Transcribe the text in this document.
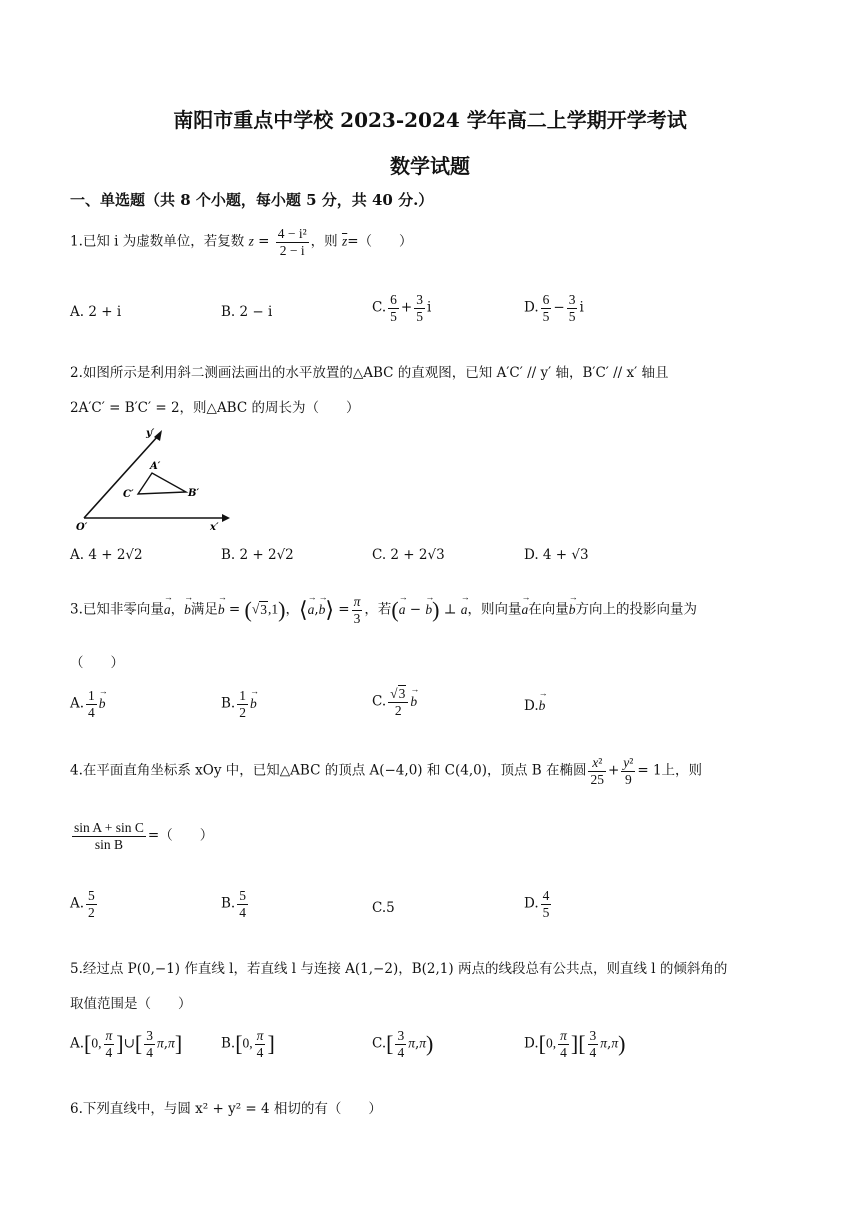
南阳市重点中学校 2023-2024 学年高二上学期开学考试
数学试题
一、单选题（共 8 个小题，每小题 5 分，共 40 分.）
1.已知 i 为虚数单位，若复数 $z = \frac{\text{4 − i²}}{2 - i}$ ，则 $\overline{z}=$（　　）
A. 2 + i	B. 2 − i	C. $\frac{6}{5} + \frac{3}{5}$ i	D. $\frac{6}{5} - \frac{3}{5}$ i
2.如图所示是利用斜二测画法画出的水平放置的△ABC 的直观图，已知 A′C′ // y′ 轴，B′C′ // x′ 轴且
2A′C′ = B′C′ = 2，则△ABC 的周长为（　　）
y′
x′
O′
A′
B′
C′
A. 4 + 2√2	B. 2 + 2√2	C. 2 + 2√3	D. 4 + √3
3.已知非零向量→ a，→ b满足→ b = (√3,1)，⟨→ a,→ b⟩ = $\frac{\pi}{3}$ ，若(→ a − → b) ⊥ → a，则向量→ a在向量→ b方向上的投影向量为
（　　）
A. $\frac{1}{4} \to b$	B. $\frac{1}{2} \to b$	C. $\frac{√3}{2} \to b$	D.→ b
4.在平面直角坐标系 xOy 中，已知△ABC 的顶点 A(−4,0) 和 C(4,0)，顶点 B 在椭圆 $\frac{\text{x²}}{25} + \frac{\text{y²}}{9} = 1$上，则
$\frac{\text{sin A + sin C}}{\text{sin B}}$ =（　　）
A. $\frac{5}{2}$	B. $\frac{5}{4}$	C.5	D. $\frac{4}{5}$
5.经过点 P(0,−1) 作直线 l，若直线 l 与连接 A(1,−2)，B(2,1) 两点的线段总有公共点，则直线 l 的倾斜角的
取值范围是（　　）
A.[0, $\frac{\pi}{4}$ ]∪[ $\frac{3}{4} \pi,\pi$]	B.[0, $\frac{\pi}{4}$ ]	$C.[ \frac{3}{4} \pi,\pi)$	D.[0, $\frac{\pi}{4}$ ][ $\frac{3}{4} \pi,\pi$)
6.下列直线中，与圆 x² + y² = 4 相切的有（　　）
